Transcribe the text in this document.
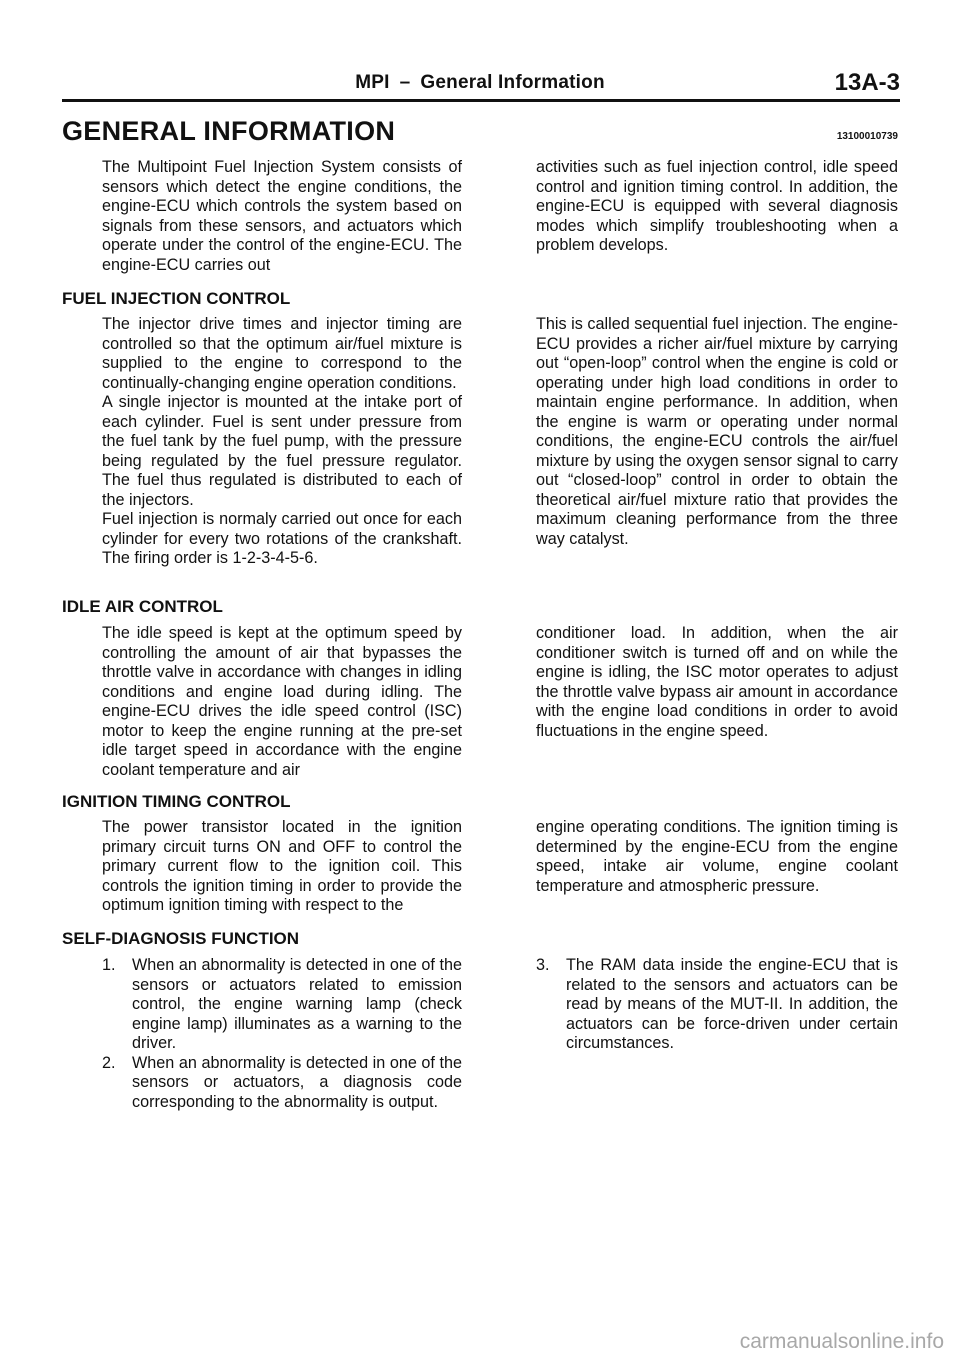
MPI – General Information	13A-3
GENERAL INFORMATION	13100010739
The Multipoint Fuel Injection System consists of sensors which detect the engine conditions, the engine-ECU which controls the system based on signals from these sensors, and actuators which operate under the control of the engine-ECU. The engine-ECU carries out
activities such as fuel injection control, idle speed control and ignition timing control. In addition, the engine-ECU is equipped with several diagnosis modes which simplify troubleshooting when a problem develops.
FUEL INJECTION CONTROL

The injector drive times and injector timing are controlled so that the optimum air/fuel mixture is supplied to the engine to correspond to the continually-changing engine operation conditions.

A single injector is mounted at the intake port of each cylinder. Fuel is sent under pressure from the fuel tank by the fuel pump, with the pressure being regulated by the fuel pressure regulator. The fuel thus regulated is distributed to each of the injectors.

Fuel injection is normaly carried out once for each cylinder for every two rotations of the crankshaft. The firing order is 1-2-3-4-5-6.

This is called sequential fuel injection. The engine-ECU provides a richer air/fuel mixture by carrying out “open-loop” control when the engine is cold or operating under high load conditions in order to maintain engine performance. In addition, when the engine is warm or operating under normal conditions, the engine-ECU controls the air/fuel mixture by using the oxygen sensor signal to carry out “closed-loop” control in order to obtain the theoretical air/fuel mixture ratio that provides the maximum cleaning performance from the three way catalyst.
IDLE AIR CONTROL
The idle speed is kept at the optimum speed by controlling the amount of air that bypasses the throttle valve in accordance with changes in idling conditions and engine load during idling. The engine-ECU drives the idle speed control (ISC) motor to keep the engine running at the pre-set idle target speed in accordance with the engine coolant temperature and air
conditioner load. In addition, when the air conditioner switch is turned off and on while the engine is idling, the ISC motor operates to adjust the throttle valve bypass air amount in accordance with the engine load conditions in order to avoid fluctuations in the engine speed.
IGNITION TIMING CONTROL
The power transistor located in the ignition primary circuit turns ON and OFF to control the primary current flow to the ignition coil. This controls the ignition timing in order to provide the optimum ignition timing with respect to the
engine operating conditions. The ignition timing is determined by the engine-ECU from the engine speed, intake air volume, engine coolant temperature and atmospheric pressure.
SELF-DIAGNOSIS FUNCTION
1. When an abnormality is detected in one of the sensors or actuators related to emission control, the engine warning lamp (check engine lamp) illuminates as a warning to the driver.
2. When an abnormality is detected in one of the sensors or actuators, a diagnosis code corresponding to the abnormality is output.
3. The RAM data inside the engine-ECU that is related to the sensors and actuators can be read by means of the MUT-II. In addition, the actuators can be force-driven under certain circumstances.
carmanualsonline.info
